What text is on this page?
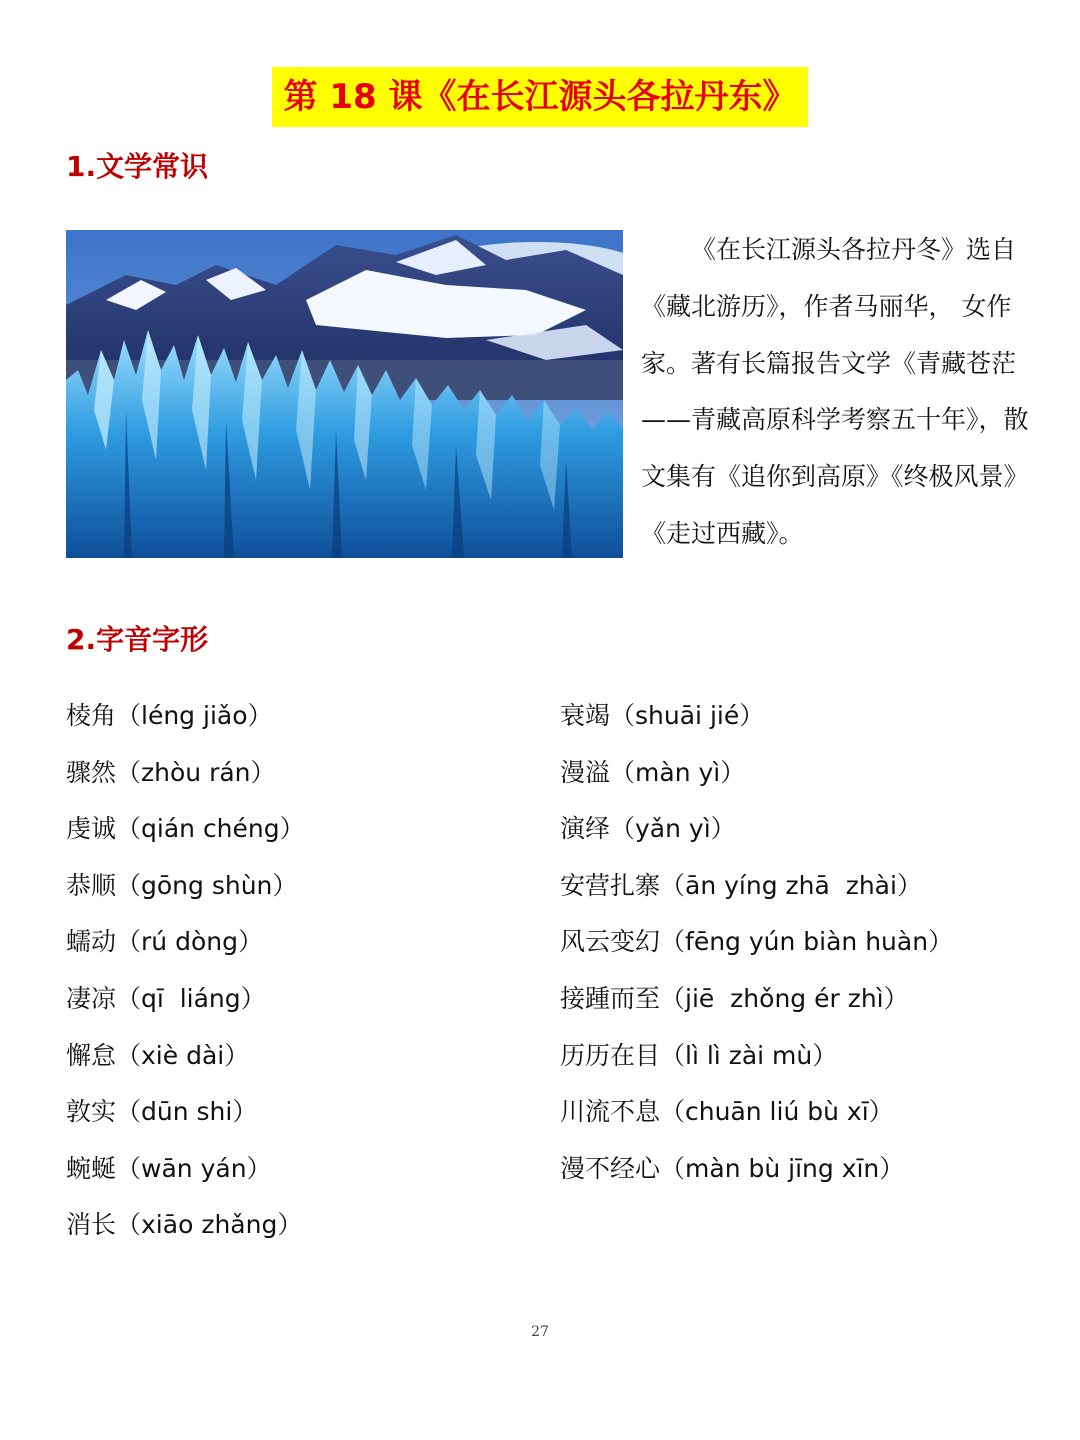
第 18 课《在长江源头各拉丹东》
1.文学常识

《在长江源头各拉丹冬》选自《藏北游历》，作者马丽华， 女作家。著有长篇报告文学《青藏苍茫——青藏高原科学考察五十年》，散文集有《追你到高原》《终极风景》《走过西藏》。

2.字音字形
棱角（léng jiǎo）
骤然（zhòu rán）
虔诚（qián chéng）
恭顺（gōng shùn）
蠕动（rú dòng）
凄凉（qī  liáng）
懈怠（xiè dài）
敦实（dūn shi）
蜿蜒（wān yán）
消长（xiāo zhǎng）
衰竭（shuāi jié）
漫溢（màn yì）
演绎（yǎn yì）
安营扎寨（ān yíng zhā  zhài）
风云变幻（fēng yún biàn huàn）
接踵而至（jiē  zhǒng ér zhì）
历历在目（lì lì zài mù）
川流不息（chuān liú bù xī）
漫不经心（màn bù jīng xīn）
27
